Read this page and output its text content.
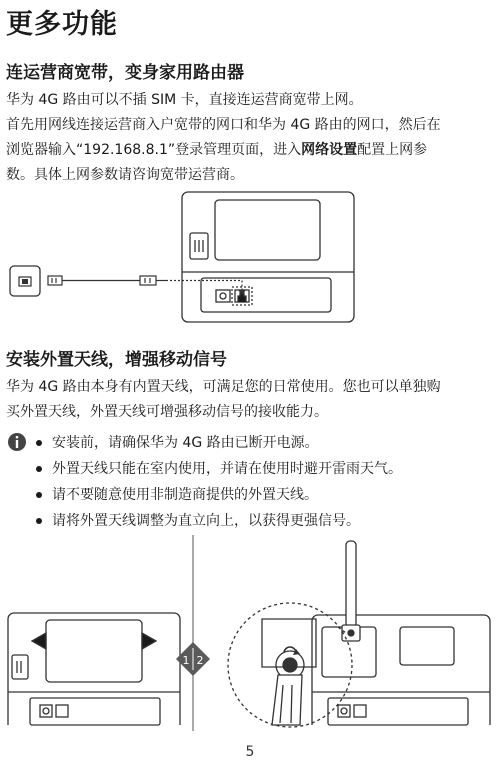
更多功能
连运营商宽带，变身家用路由器
华为 4G 路由可以不插 SIM 卡，直接连运营商宽带上网。
首先用网线连接运营商入户宽带的网口和华为 4G 路由的网口，然后在
浏览器输入“192.168.8.1”登录管理页面，进入网络设置配置上网参
数。具体上网参数请咨询宽带运营商。
安装外置天线，增强移动信号
华为 4G 路由本身有内置天线，可满足您的日常使用。您也可以单独购
买外置天线，外置天线可增强移动信号的接收能力。
安装前，请确保华为 4G 路由已断开电源。
外置天线只能在室内使用，并请在使用时避开雷雨天气。
请不要随意使用非制造商提供的外置天线。
请将外置天线调整为直立向上，以获得更强信号。
1 2
5
